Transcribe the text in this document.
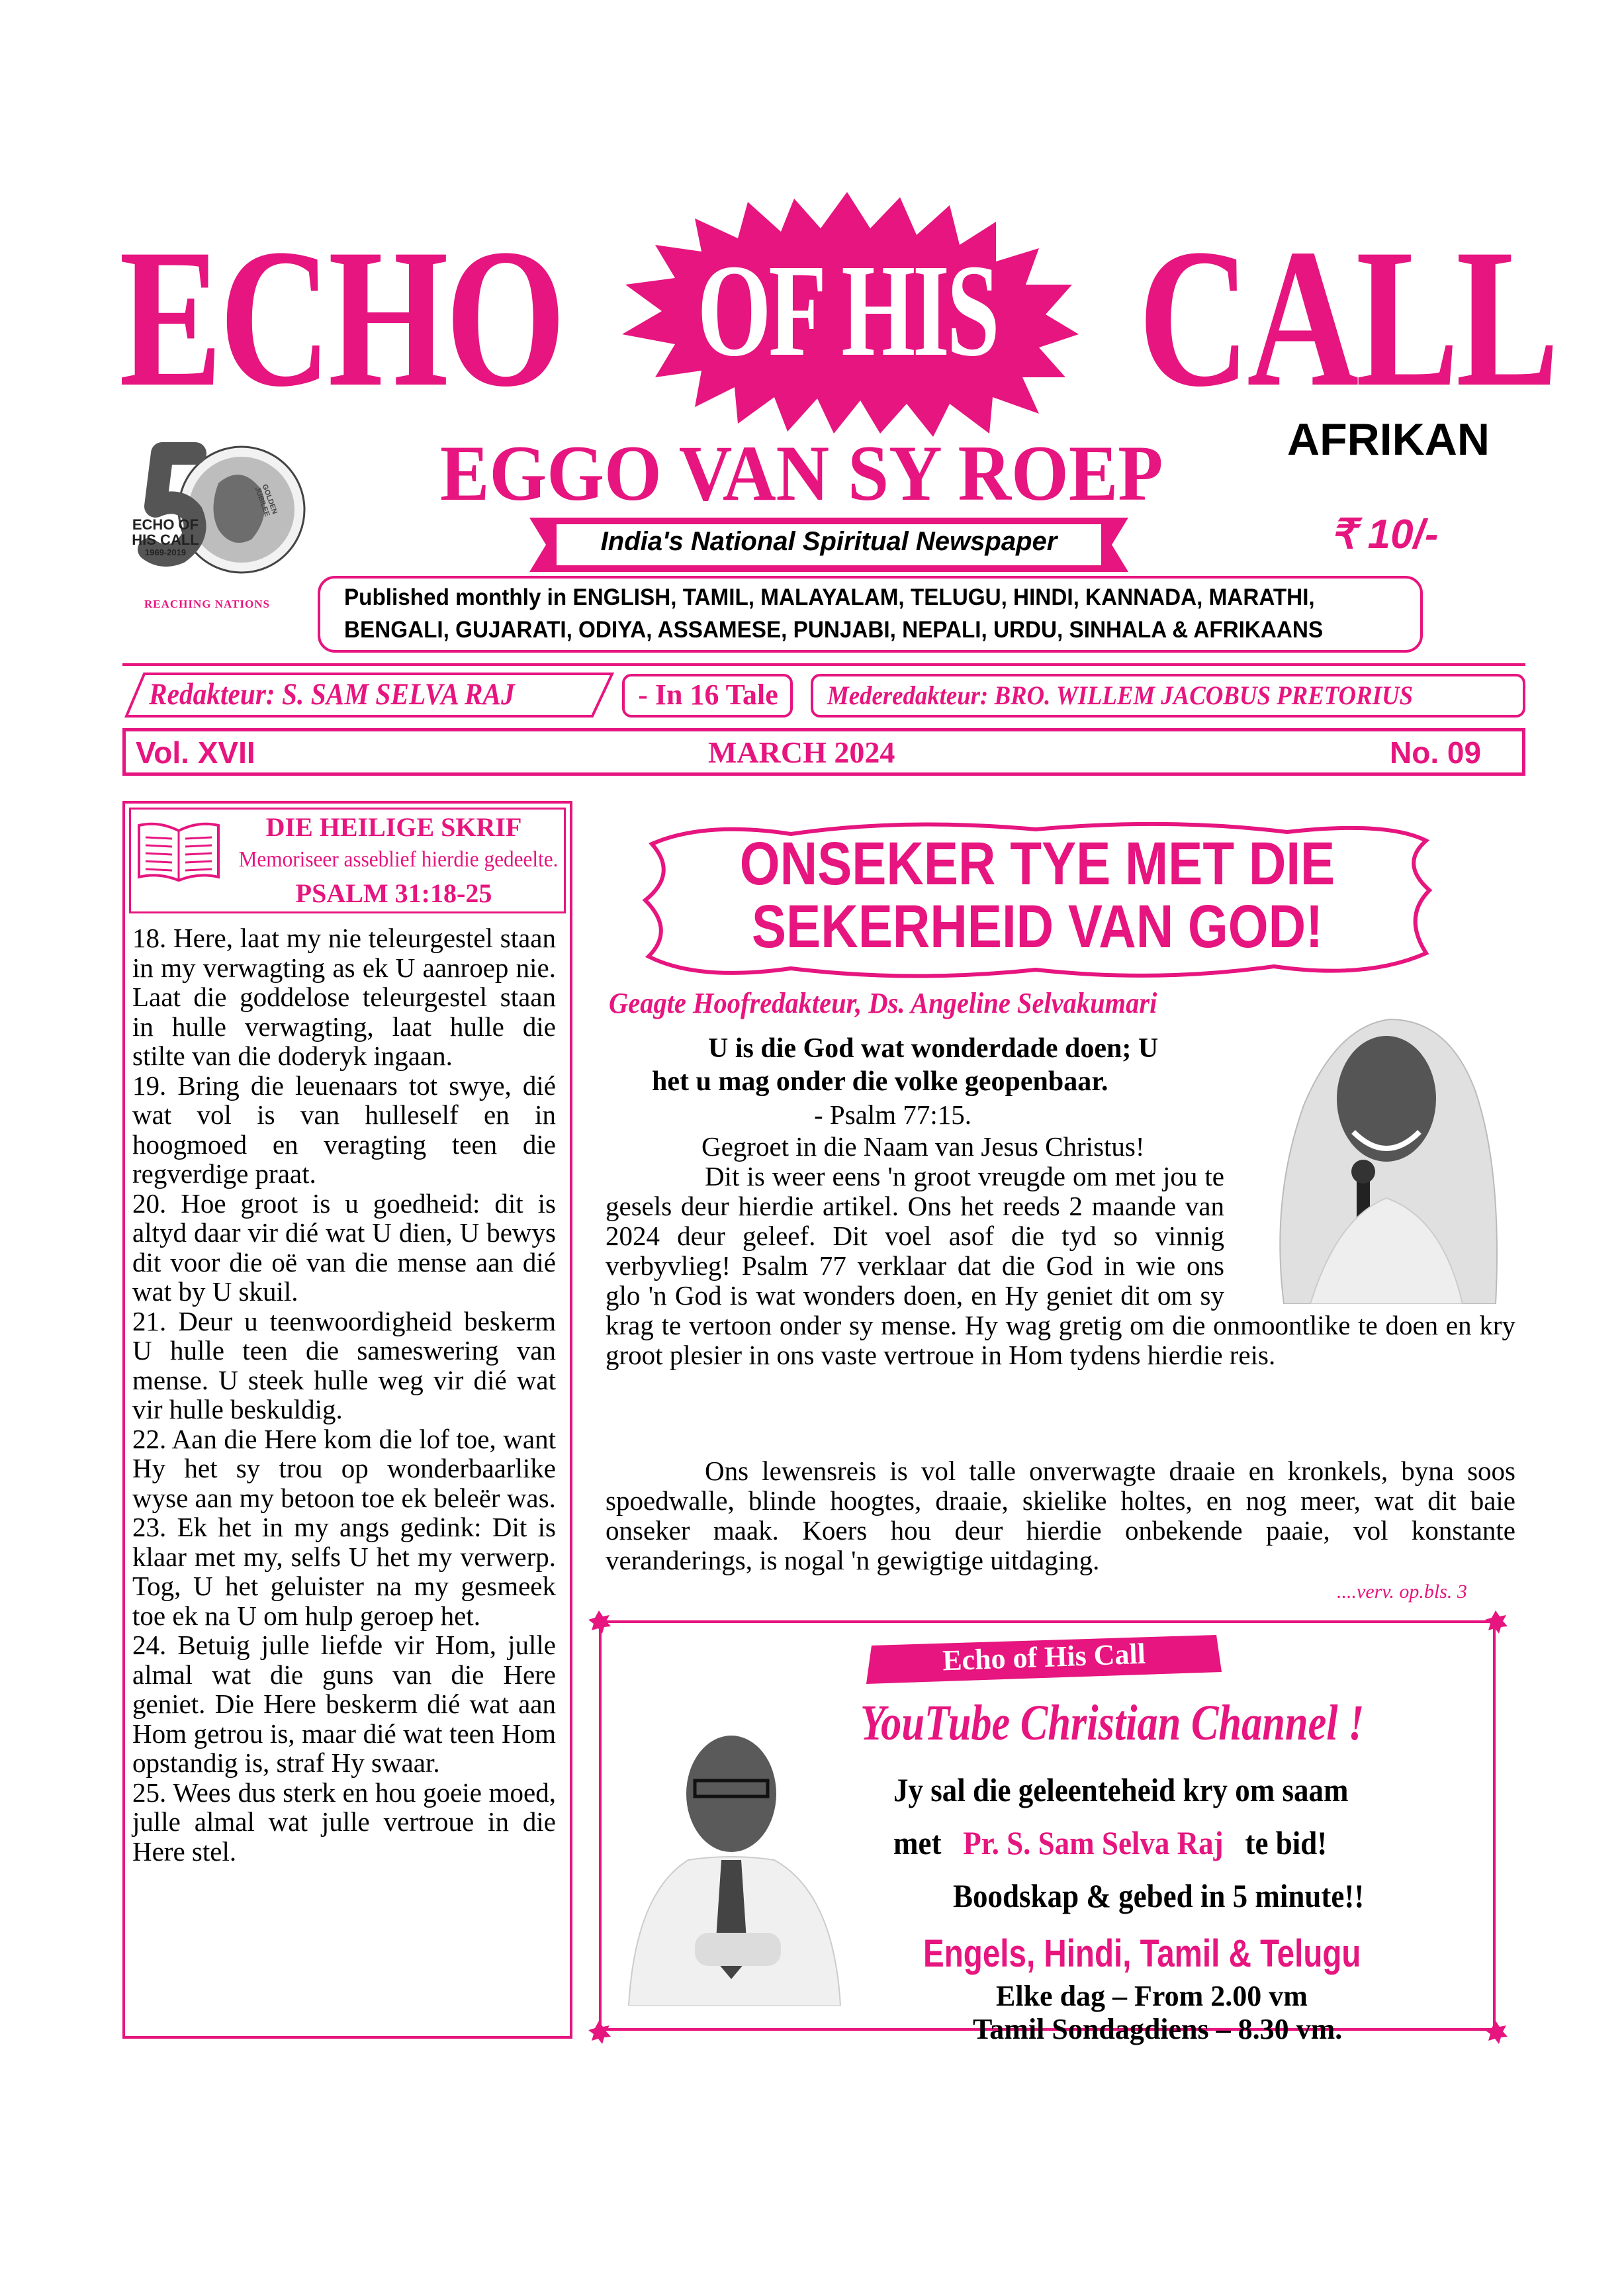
ECHO OF HIS CALL
EGGO VAN SY ROEP	AFRIKAN
ECHO OF
HIS CALL
1969-2019
GOLDEN JUBILEE
REACHING NATIONS
India's National Spiritual Newspaper	₹ 10/-
Published monthly in ENGLISH, TAMIL, MALAYALAM, TELUGU, HINDI, KANNADA, MARATHI, BENGALI, GUJARATI, ODIYA, ASSAMESE, PUNJABI, NEPALI, URDU, SINHALA & AFRIKAANS
Redakteur: S. SAM SELVA RAJ	- In 16 Tale	Mederedakteur: BRO. WILLEM JACOBUS PRETORIUS
Vol. XVII	MARCH 2024	No. 09
DIE HEILIGE SKRIF
Memoriseer asseblief hierdie gedeelte.
PSALM 31:18-25

18. Here, laat my nie teleurgestel staan in my verwagting as ek U aanroep nie. Laat die goddelose teleurgestel staan in hulle verwagting, laat hulle die stilte van die doderyk ingaan.

19. Bring die leuenaars tot swye, dié wat vol is van hulleself en in hoogmoed en veragting teen die regverdige praat.

20. Hoe groot is u goedheid: dit is altyd daar vir dié wat U dien, U bewys dit voor die oë van die mense aan dié wat by U skuil.

21. Deur u teenwoordigheid beskerm U hulle teen die sameswering van mense. U steek hulle weg vir dié wat vir hulle beskuldig.

22. Aan die Here kom die lof toe, want Hy het sy trou op wonderbaarlike wyse aan my betoon toe ek beleër was.

23. Ek het in my angs gedink: Dit is klaar met my, selfs U het my verwerp. Tog, U het geluister na my gesmeek toe ek na U om hulp geroep het.

24. Betuig julle liefde vir Hom, julle almal wat die guns van die Here geniet. Die Here beskerm dié wat aan Hom getrou is, maar dié wat teen Hom opstandig is, straf Hy swaar.

25. Wees dus sterk en hou goeie moed, julle almal wat julle vertroue in die Here stel.

ONSEKER TYE MET DIE
SEKERHEID VAN GOD!
Geagte Hoofredakteur, Ds. Angeline Selvakumari
U is die God wat wonderdade doen; U
het u mag onder die volke geopenbaar.
- Psalm 77:15.
Gegroet in die Naam van Jesus Christus!

Dit is weer eens 'n groot vreugde om met jou te gesels deur hierdie artikel. Ons het reeds 2 maande van 2024 deur geleef. Dit voel asof die tyd so vinnig verbyvlieg! Psalm 77 verklaar dat die God in wie ons glo 'n God is wat wonders doen, en Hy geniet dit om sy krag te vertoon onder sy mense. Hy wag gretig om die onmoontlike te doen en kry groot plesier in ons vaste vertroue in Hom tydens hierdie reis.

Ons lewensreis is vol talle onverwagte draaie en kronkels, byna soos spoedwalle, blinde hoogtes, draaie, skielike holtes, en nog meer, wat dit baie onseker maak. Koers hou deur hierdie onbekende paaie, vol konstante veranderings, is nogal 'n gewigtige uitdaging.

....verv. op.bls. 3
Echo of His Call
YouTube Christian Channel !
Jy sal die geleenteheid kry om saam
met Pr. S. Sam Selva Raj te bid!
Boodskap & gebed in 5 minute!!
Engels, Hindi, Tamil & Telugu
Elke dag – From 2.00 vm
Tamil Sondagdiens – 8.30 vm.
